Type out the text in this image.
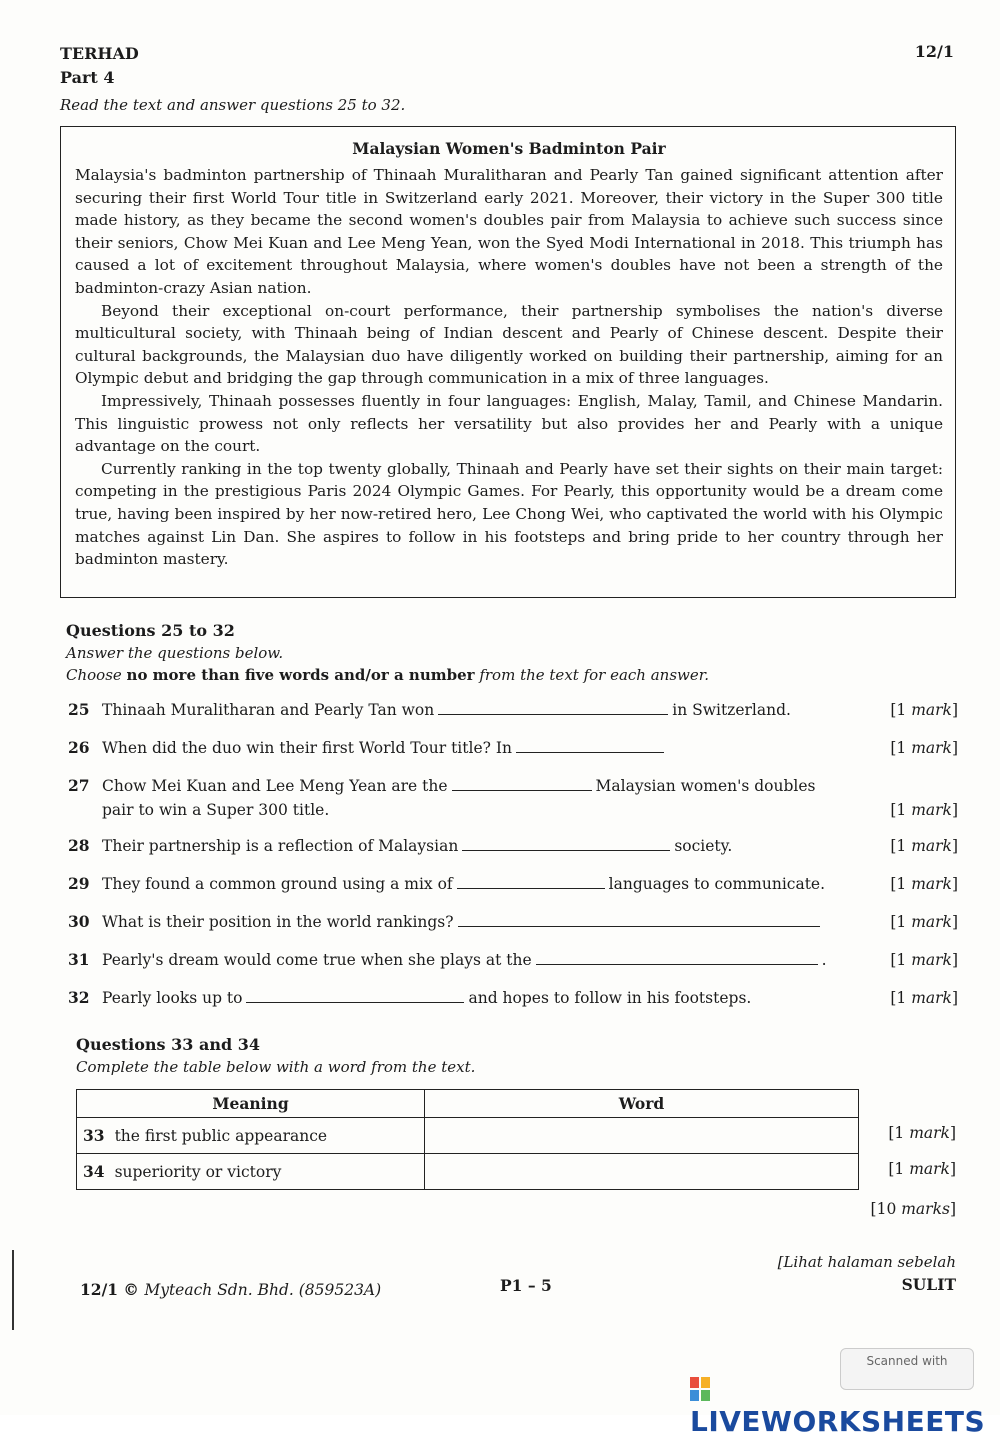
TERHAD
Part 4
12/1
Read the text and answer questions 25 to 32.
Malaysian Women's Badminton Pair

Malaysia's badminton partnership of Thinaah Muralitharan and Pearly Tan gained significant attention after securing their first World Tour title in Switzerland early 2021. Moreover, their victory in the Super 300 title made history, as they became the second women's doubles pair from Malaysia to achieve such success since their seniors, Chow Mei Kuan and Lee Meng Yean, won the Syed Modi International in 2018. This triumph has caused a lot of excitement throughout Malaysia, where women's doubles have not been a strength of the badminton-crazy Asian nation.

Beyond their exceptional on-court performance, their partnership symbolises the nation's diverse multicultural society, with Thinaah being of Indian descent and Pearly of Chinese descent. Despite their cultural backgrounds, the Malaysian duo have diligently worked on building their partnership, aiming for an Olympic debut and bridging the gap through communication in a mix of three languages.

Impressively, Thinaah possesses fluently in four languages: English, Malay, Tamil, and Chinese Mandarin. This linguistic prowess not only reflects her versatility but also provides her and Pearly with a unique advantage on the court.

Currently ranking in the top twenty globally, Thinaah and Pearly have set their sights on their main target: competing in the prestigious Paris 2024 Olympic Games. For Pearly, this opportunity would be a dream come true, having been inspired by her now-retired hero, Lee Chong Wei, who captivated the world with his Olympic matches against Lin Dan. She aspires to follow in his footsteps and bring pride to her country through her badminton mastery.

Questions 25 to 32
Answer the questions below.
Choose no more than five words and/or a number from the text for each answer.
25 Thinaah Muralitharan and Pearly Tan won	in Switzerland.	[1 mark]
26 When did the duo win their first World Tour title? In	[1 mark]
27 Chow Mei Kuan and Lee Meng Yean are the	Malaysian women's doubles
pair to win a Super 300 title.	[1 mark]
28 Their partnership is a reflection of Malaysian	society.	[1 mark]
29 They found a common ground using a mix of	languages to communicate.	[1 mark]
30 What is their position in the world rankings?	[1 mark]
31 Pearly's dream would come true when she plays at the	.	[1 mark]
32 Pearly looks up to	and hopes to follow in his footsteps.	[1 mark]
Questions 33 and 34
Complete the table below with a word from the text.
Meaning	Word
33 the first public appearance	
34 superiority or victory	
[1 mark]
[1 mark]
[10 marks]
[Lihat halaman sebelah
SULIT
12/1 © Myteach Sdn. Bhd. (859523A)	P1 – 5
Scanned with
LIVEWORKSHEETS
